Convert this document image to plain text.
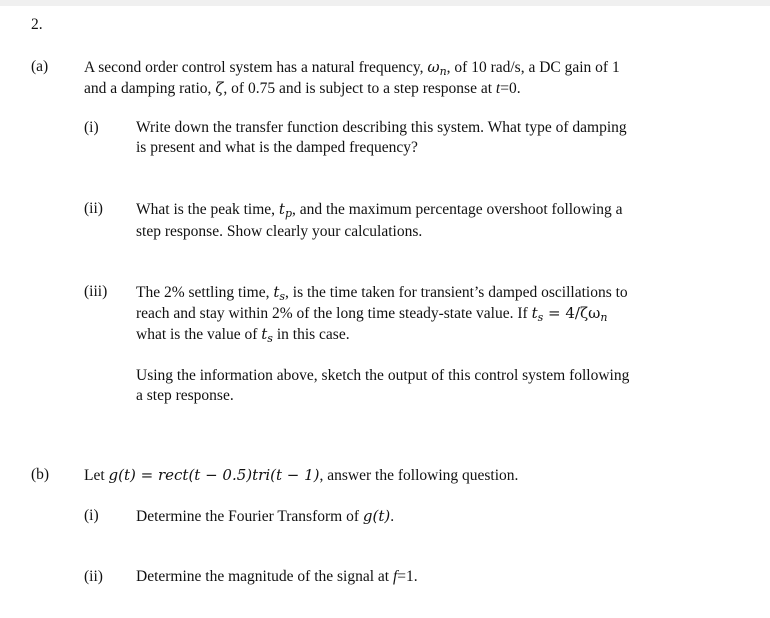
2.
(a) A second order control system has a natural frequency, $\omega_n$, of 10 rad/s, a DC gain of 1

and a damping ratio, ζ, of 0.75 and is subject to a step response at t=0.

(i) Write down the transfer function describing this system. What type of damping

is present and what is the damped frequency?

(ii) What is the peak time, $t_p$, and the maximum percentage overshoot following a

step response. Show clearly your calculations.

(iii) The 2% settling time, $t_s$, is the time taken for transient’s damped oscillations to

reach and stay within 2% of the long time steady-state value. If $t_s = 4/\zeta\omega_n$

what is the value of $t_s$ in this case.

Using the information above, sketch the output of this control system following

a step response.

(b) Let g(t) = rect(t − 0.5)tri(t − 1), answer the following question.
(i) Determine the Fourier Transform of g(t).
(ii) Determine the magnitude of the signal at f=1.
